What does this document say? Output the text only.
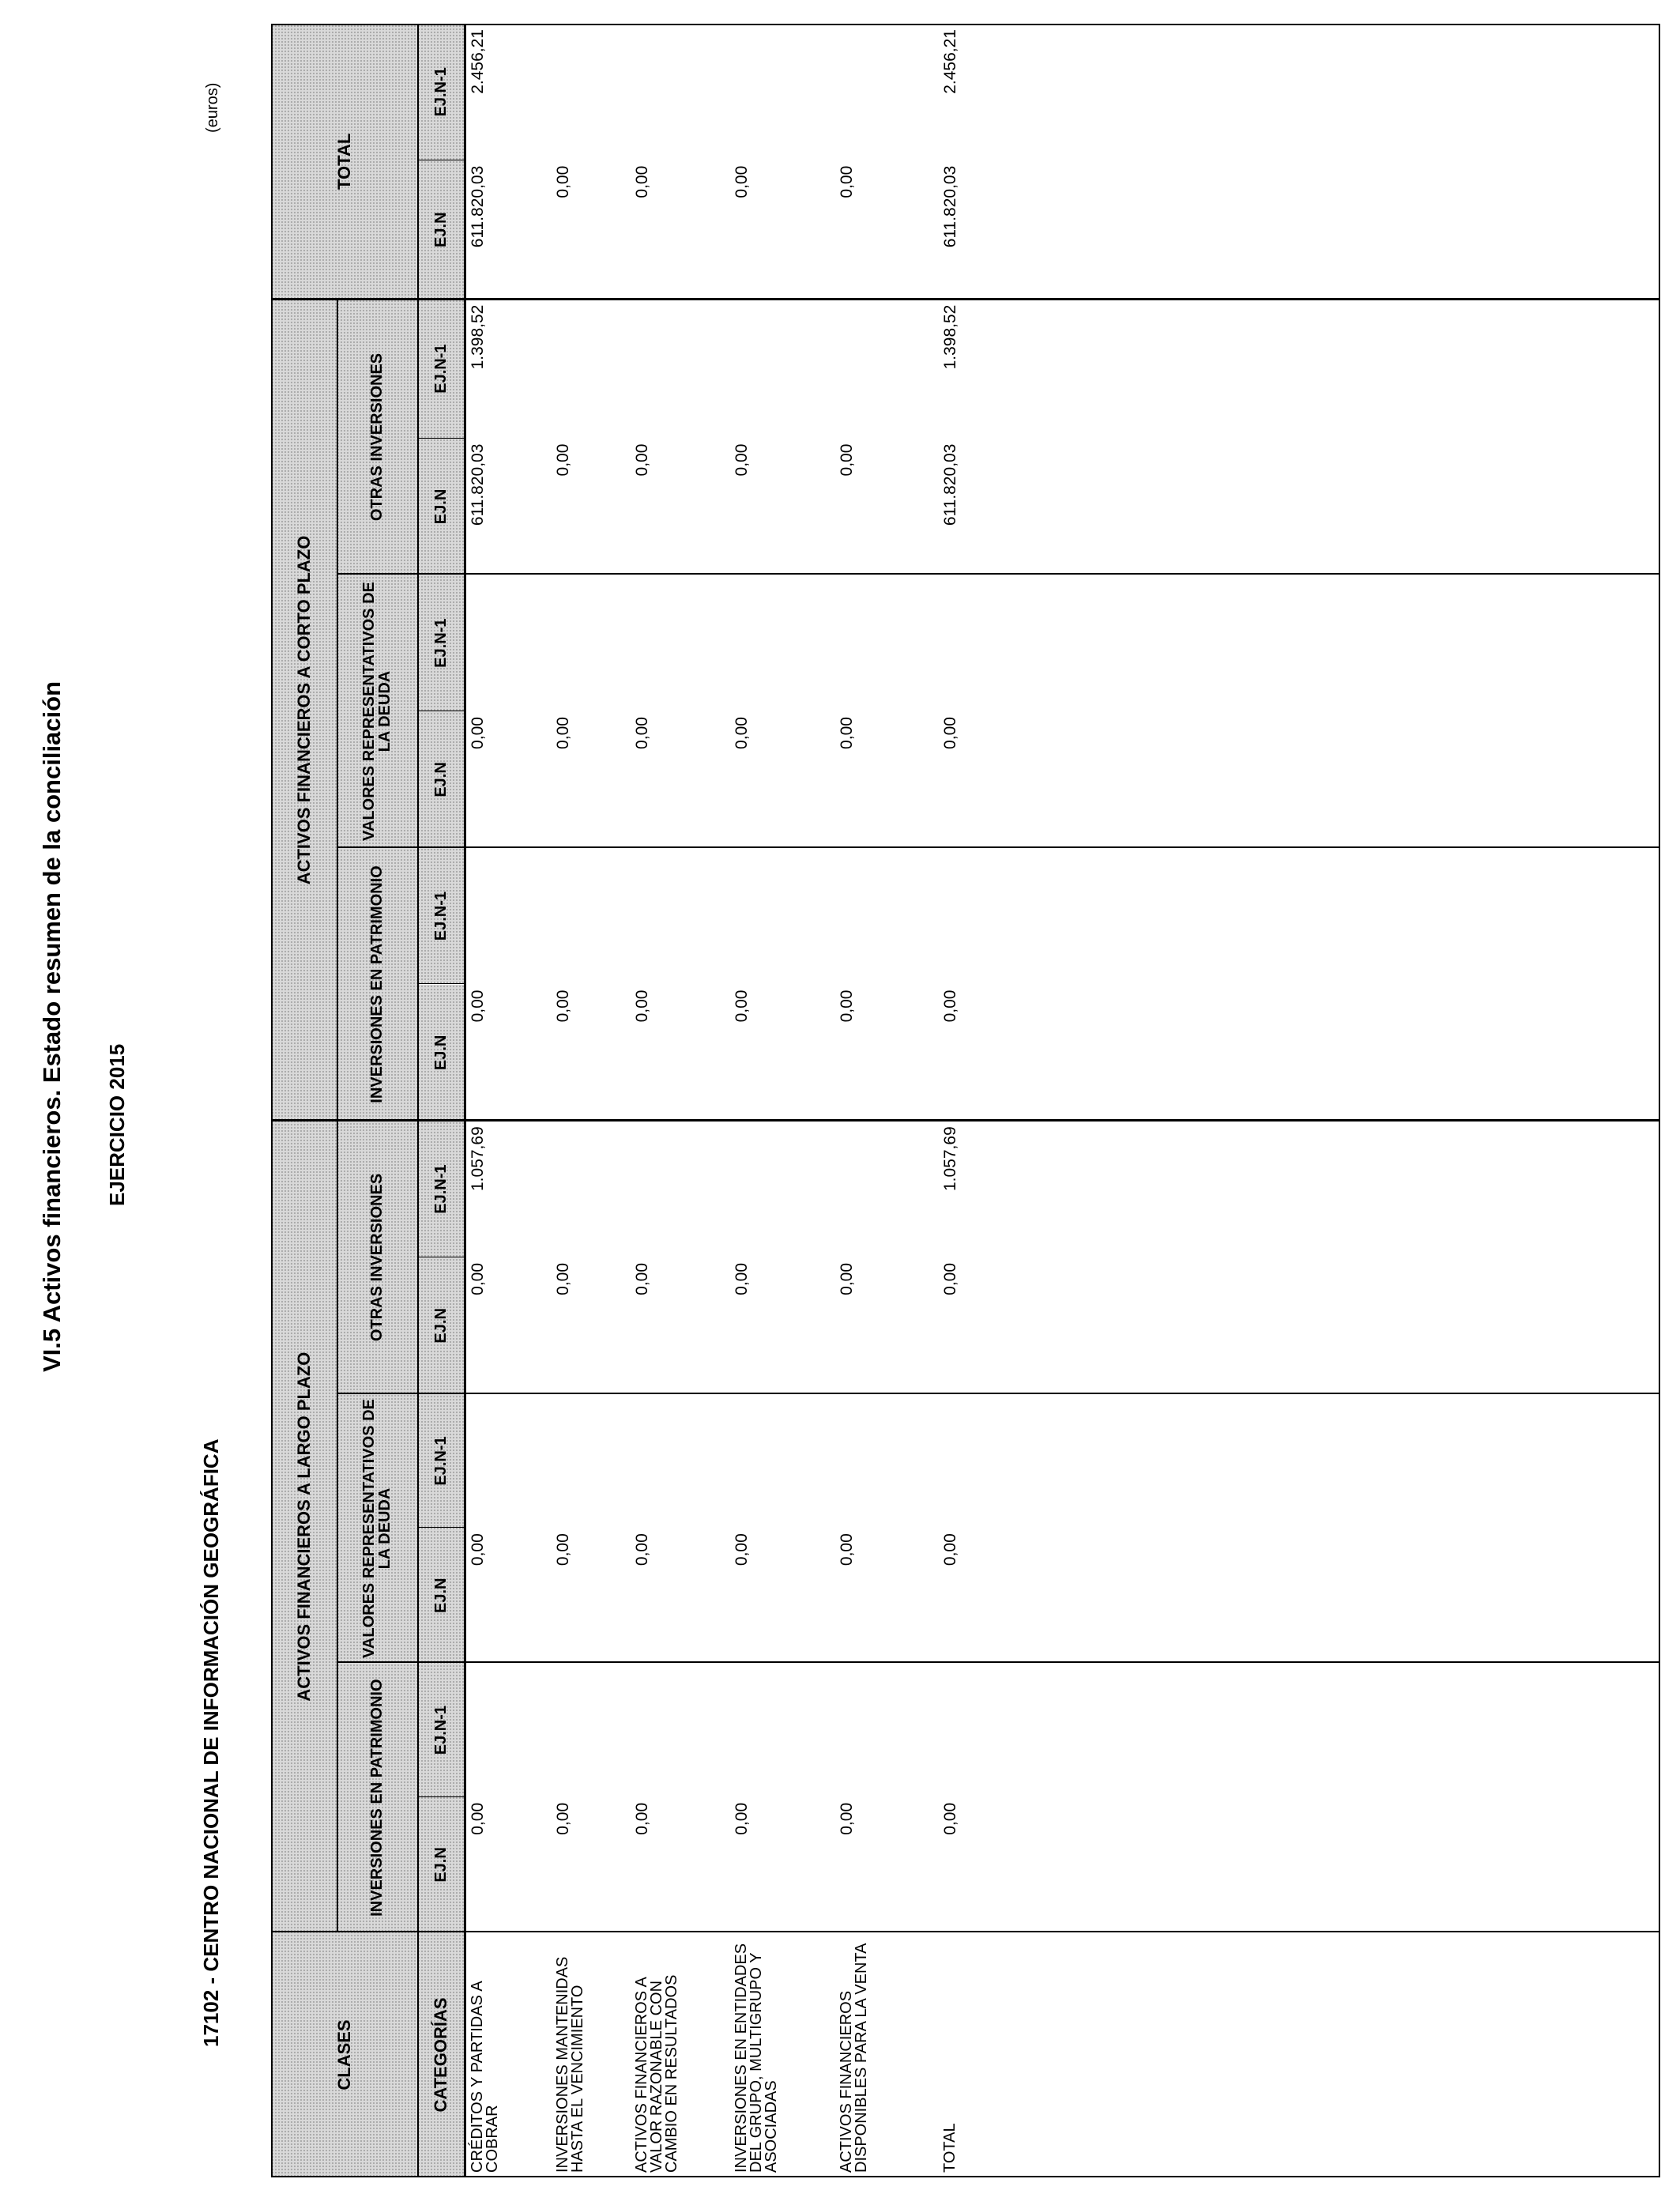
VI.5 Activos financieros. Estado resumen de la conciliación EJERCICIO 2015
17102 - CENTRO NACIONAL DE INFORMACIÓN GEOGRÁFICA
(euros)
CLASES	CATEGORÍAS
ACTIVOS FINANCIEROS A LARGO PLAZO
ACTIVOS FINANCIEROS A CORTO PLAZO
TOTAL
INVERSIONES EN PATRIMONIO
VALORES REPRESENTATIVOS DE LA DEUDA
OTRAS INVERSIONES
INVERSIONES EN PATRIMONIO
VALORES REPRESENTATIVOS DE LA DEUDA
OTRAS INVERSIONES
EJ.N
EJ.N-1
EJ.N
EJ.N-1
EJ.N
EJ.N-1
EJ.N
EJ.N-1
EJ.N
EJ.N-1
EJ.N
EJ.N-1
EJ.N
EJ.N-1
CRÉDITOS Y PARTIDAS A COBRAR
0,00
0,00
0,00
1.057,69
0,00
0,00
611.820,03
1.398,52
611.820,03
2.456,21
INVERSIONES MANTENIDAS HASTA EL VENCIMIENTO
0,00
0,00
0,00
0,00
0,00
0,00
0,00
ACTIVOS FINANCIEROS A VALOR RAZONABLE CON CAMBIO EN RESULTADOS
0,00
0,00
0,00
0,00
0,00
0,00
0,00
INVERSIONES EN ENTIDADES DEL GRUPO, MULTIGRUPO Y ASOCIADAS
0,00
0,00
0,00
0,00
0,00
0,00
0,00
ACTIVOS FINANCIEROS DISPONIBLES PARA LA VENTA
0,00
0,00
0,00
0,00
0,00
0,00
0,00
TOTAL
0,00
0,00
0,00
1.057,69
0,00
0,00
611.820,03
1.398,52
611.820,03
2.456,21
